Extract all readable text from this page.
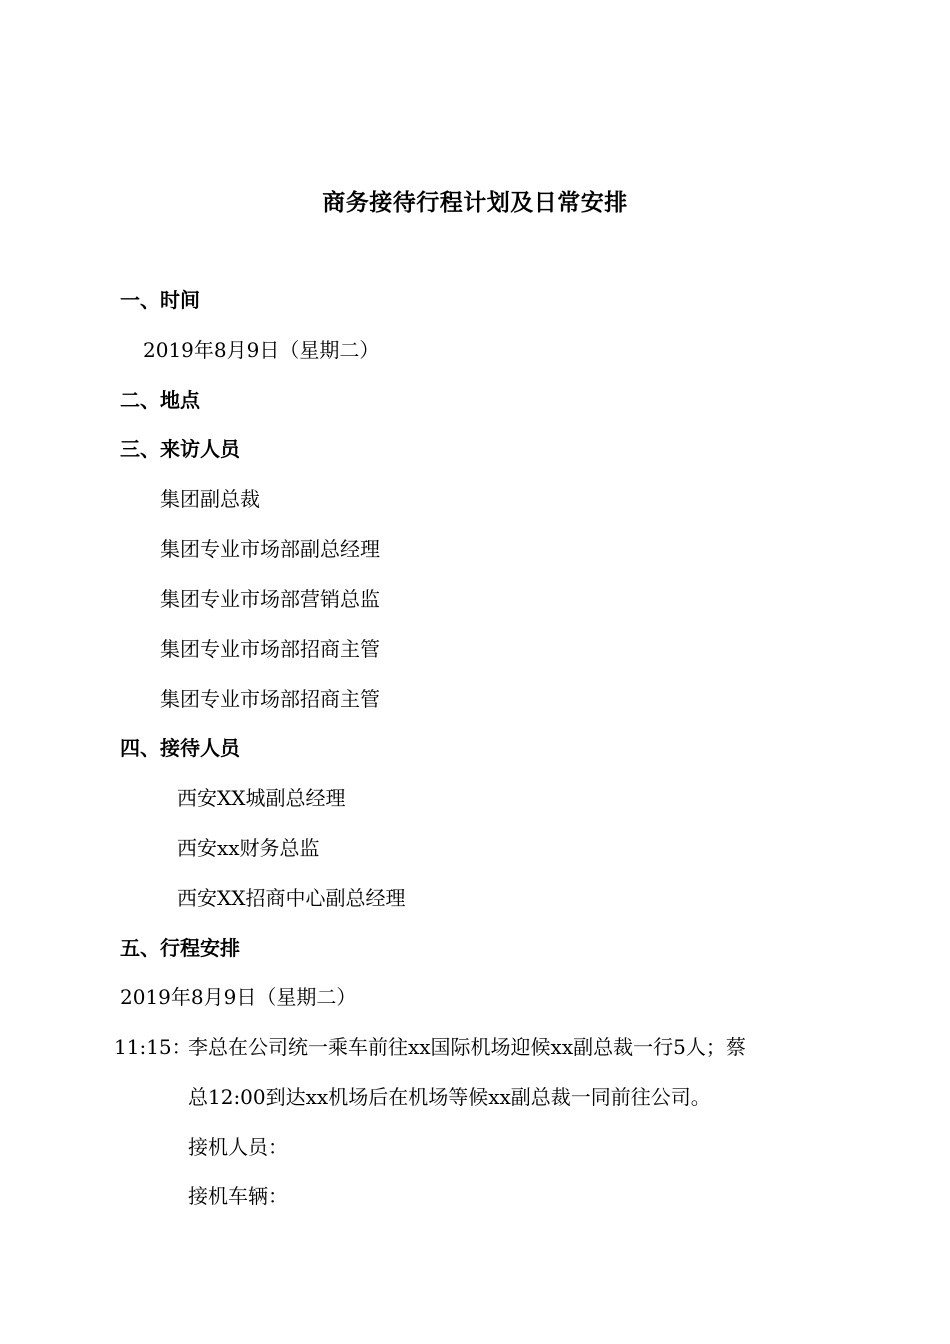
商务接待行程计划及日常安排
一、时间
2019年8月9日（星期二）
二、地点
三、来访人员
集团副总裁
集团专业市场部副总经理
集团专业市场部营销总监
集团专业市场部招商主管
集团专业市场部招商主管
四、接待人员
西安XX城副总经理
西安xx财务总监
西安XX招商中心副总经理
五、行程安排
2019年8月9日（星期二）
11:15：
李总在公司统一乘车前往xx国际机场迎候xx副总裁一行5人；蔡
总12:00到达xx机场后在机场等候xx副总裁一同前往公司。
接机人员：
接机车辆：
